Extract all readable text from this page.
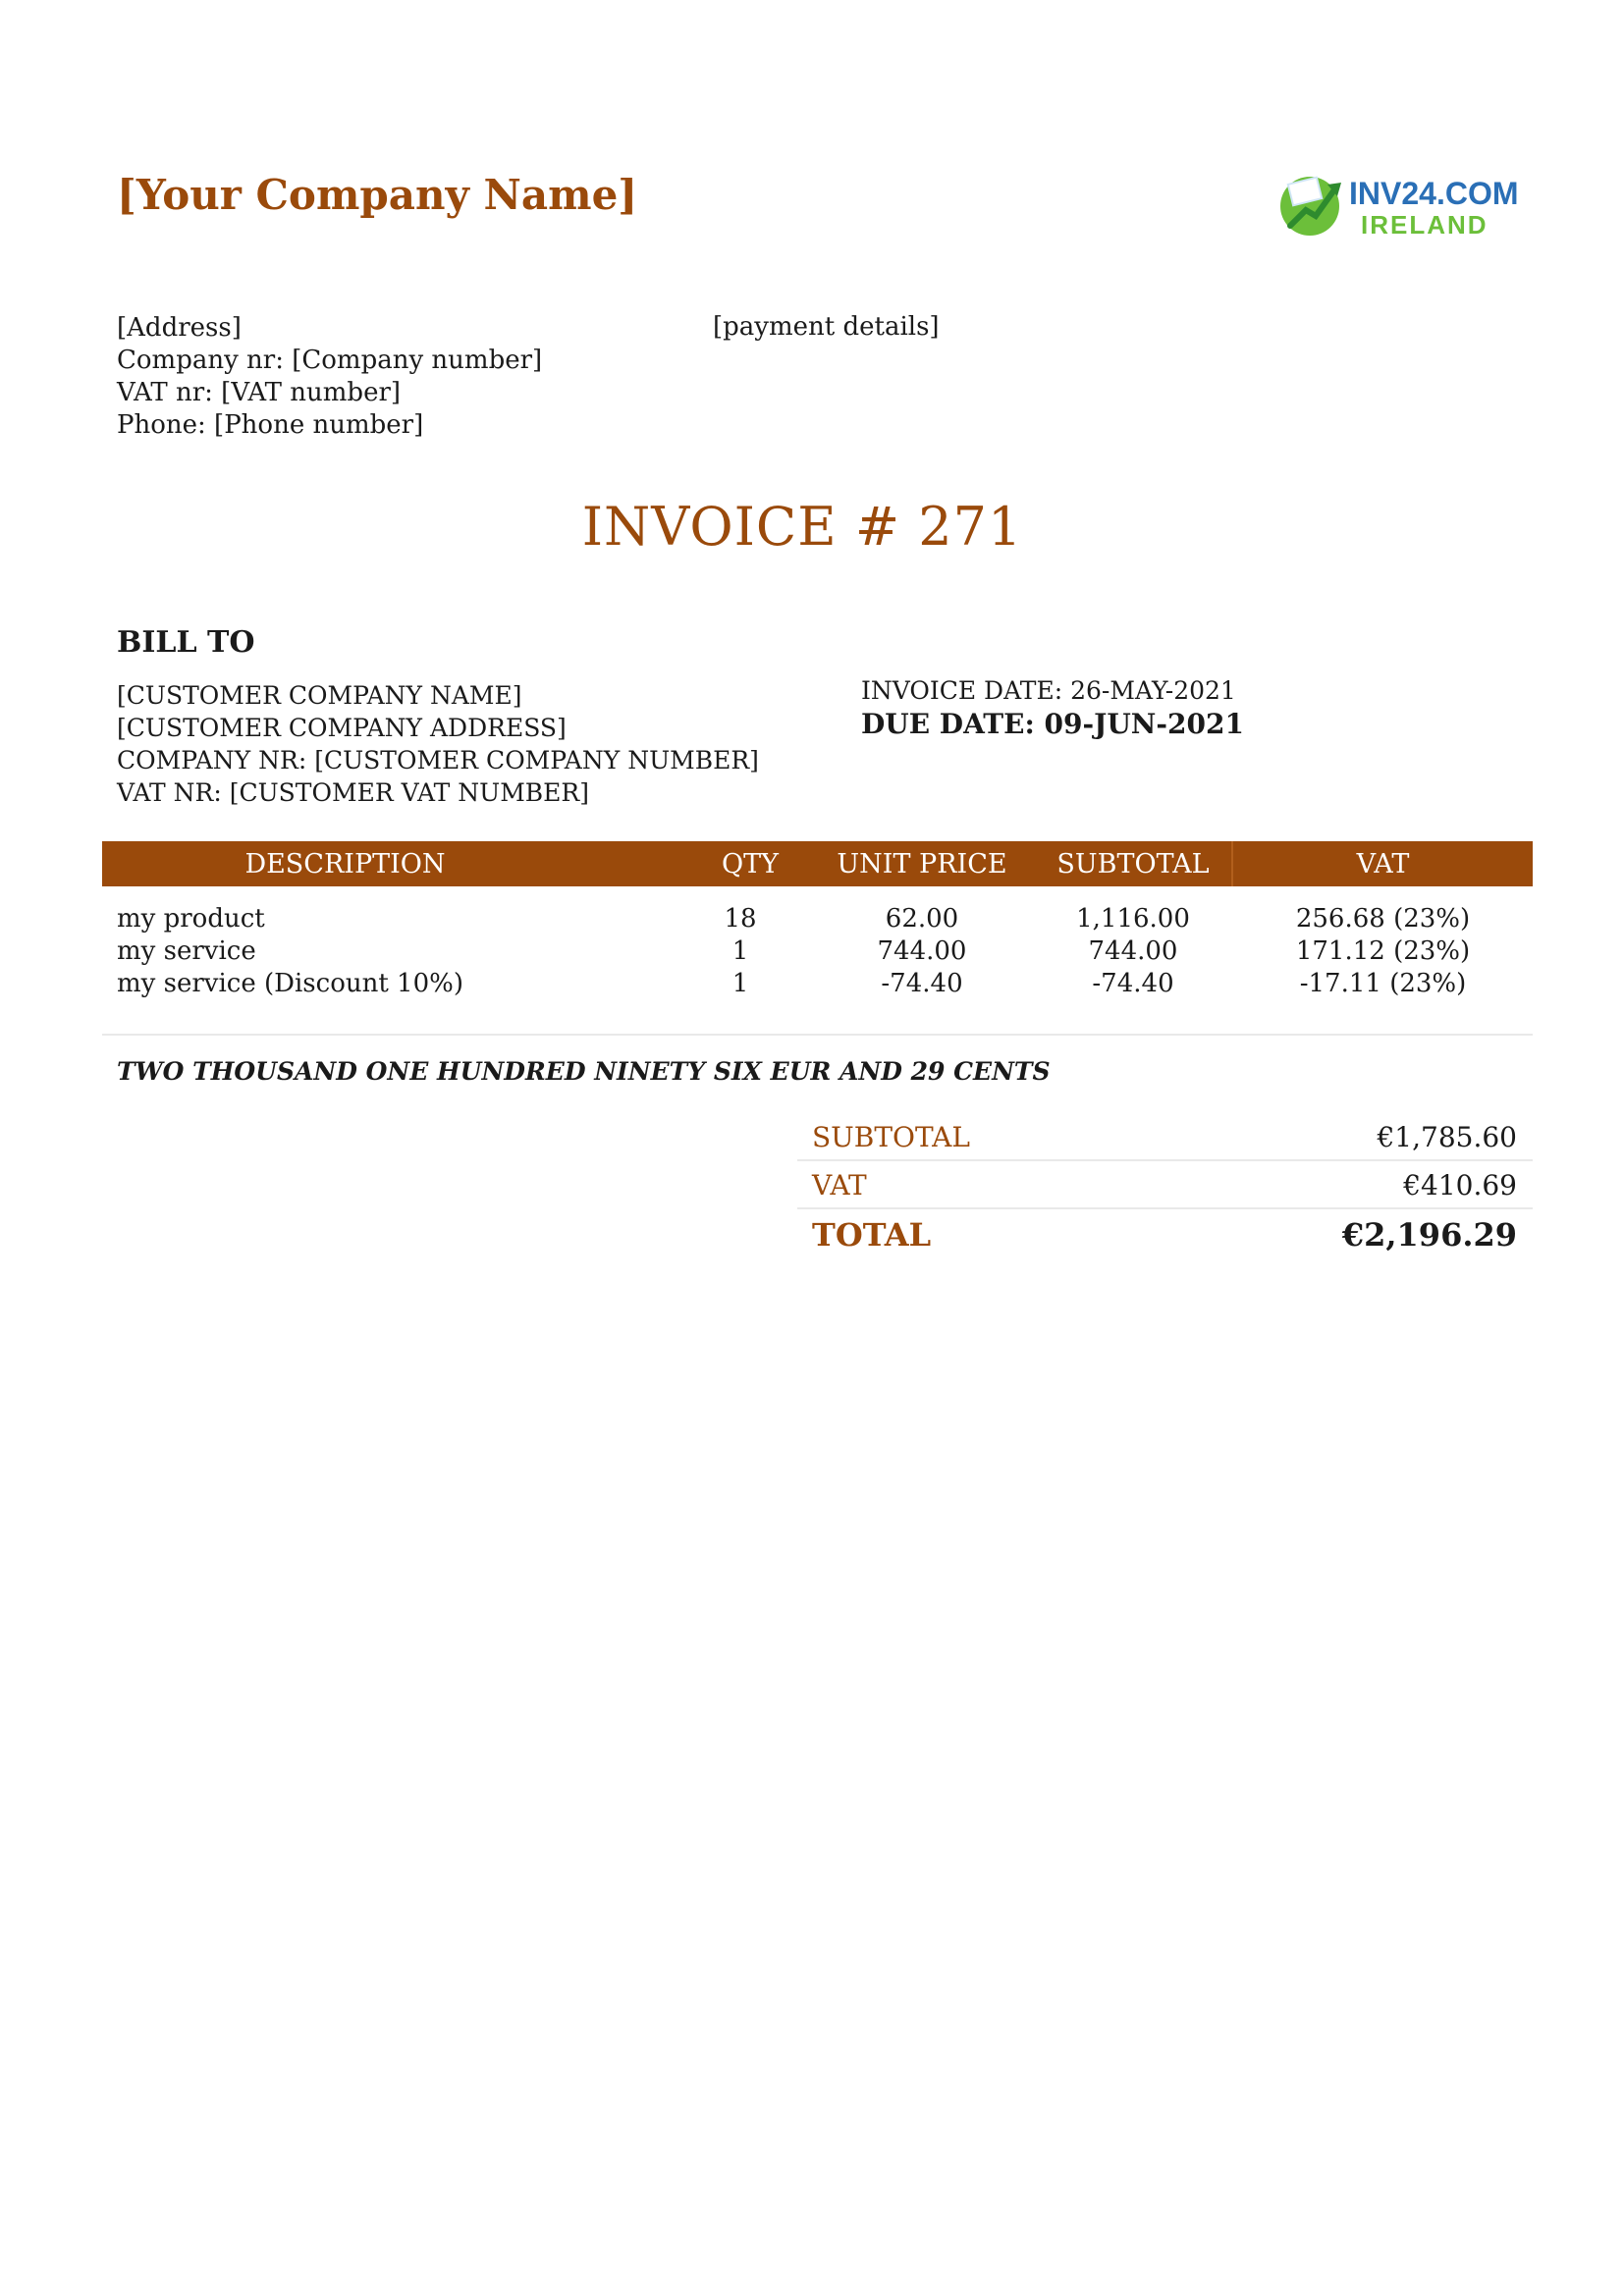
[Your Company Name]	INV24.COM
IRELAND
[Address]
Company nr: [Company number]
VAT nr: [VAT number]
Phone: [Phone number]
[payment details]
INVOICE # 271
BILL TO
[CUSTOMER COMPANY NAME]
[CUSTOMER COMPANY ADDRESS]
COMPANY NR: [CUSTOMER COMPANY NUMBER]
VAT NR: [CUSTOMER VAT NUMBER]
INVOICE DATE: 26-MAY-2021
DUE DATE: 09-JUN-2021
DESCRIPTION	QTY	UNIT PRICE	SUBTOTAL	VAT
my product	18	62.00	1,116.00	256.68 (23%)
my service	1	744.00	744.00	171.12 (23%)
my service (Discount 10%)	1	-74.40	-74.40	-17.11 (23%)
TWO THOUSAND ONE HUNDRED NINETY SIX EUR AND 29 CENTS
SUBTOTAL	€1,785.60
VAT	€410.69
TOTAL	€2,196.29
